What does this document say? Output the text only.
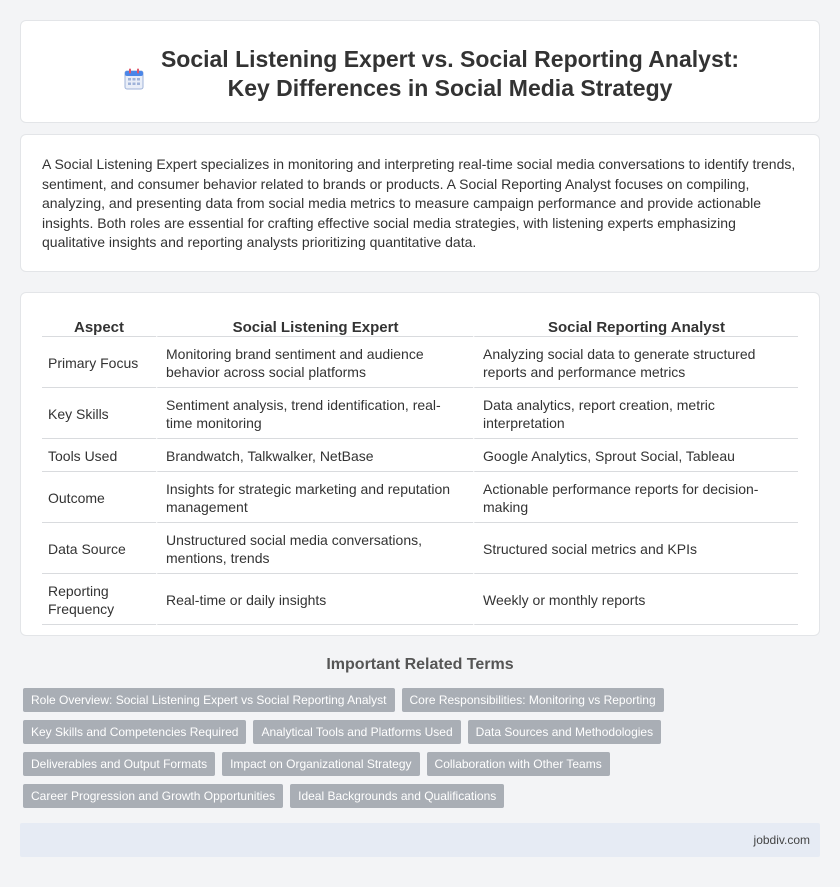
Social Listening Expert vs. Social Reporting Analyst: Key Differences in Social Media Strategy

A Social Listening Expert specializes in monitoring and interpreting real-time social media conversations to identify trends, sentiment, and consumer behavior related to brands or products. A Social Reporting Analyst focuses on compiling, analyzing, and presenting data from social media metrics to measure campaign performance and provide actionable insights. Both roles are essential for crafting effective social media strategies, with listening experts emphasizing qualitative insights and reporting analysts prioritizing quantitative data.

Aspect	Social Listening Expert	Social Reporting Analyst
Primary Focus	Monitoring brand sentiment and audience behavior across social platforms	Analyzing social data to generate structured reports and performance metrics
Key Skills	Sentiment analysis, trend identification, real-time monitoring	Data analytics, report creation, metric interpretation
Tools Used	Brandwatch, Talkwalker, NetBase	Google Analytics, Sprout Social, Tableau
Outcome	Insights for strategic marketing and reputation management	Actionable performance reports for decision-making
Data Source	Unstructured social media conversations, mentions, trends	Structured social metrics and KPIs
Reporting Frequency	Real-time or daily insights	Weekly or monthly reports
Important Related Terms
Role Overview: Social Listening Expert vs Social Reporting Analyst	Core Responsibilities: Monitoring vs Reporting
Key Skills and Competencies Required	Analytical Tools and Platforms Used	Data Sources and Methodologies
Deliverables and Output Formats	Impact on Organizational Strategy	Collaboration with Other Teams
Career Progression and Growth Opportunities	Ideal Backgrounds and Qualifications
jobdiv.com
